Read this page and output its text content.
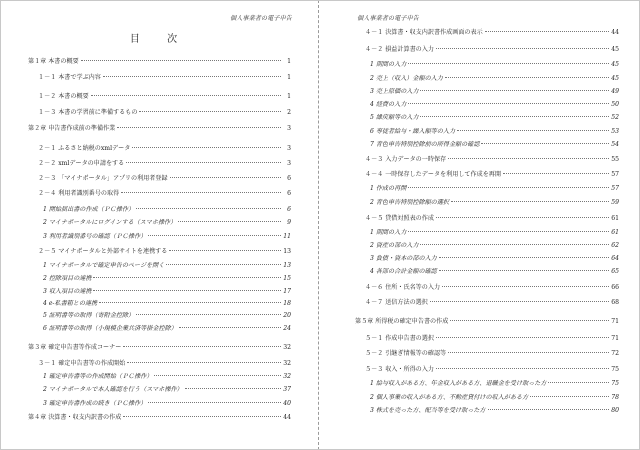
個人事業者の電子申告
目 次
第１章 本書の概要	1
１－１ 本書で学ぶ内容	1
１－２ 本書の概要	1
１－３ 本書の学習前に準備するもの	2
第２章 申告書作成前の準備作業	3
２－１ ふるさと納税のxmlデータ	3
２－２ xmlデータの申請をする	3
２－３ 「マイナポータル」アプリの利用者登録	6
２－４ 利用者識別番号の取得	6
1 開始届出書の作成（ＰＣ操作）	6
2 マイナポータルにログインする（スマホ操作）	9
3 利用者識別番号の確認（ＰＣ操作）	11
２－５ マイナポータルと外部サイトを連携する	13
1 マイナポータルで確定申告のページを開く	13
2 控除項目の連携	15
3 収入項目の連携	17
4 e-私書箱との連携	18
5 証明書等の取得（寄附金控除）	20
6 証明書等の取得（小規模企業共済等掛金控除）	24
第３章 確定申告書等作成コーナー	32
３－１ 確定申告書等の作成開始	32
1 確定申告書等の作成開始（ＰＣ操作）	32
2 マイナポータルで本人確認を行う（スマホ操作）	37
3 確定申告書作成の続き（ＰＣ操作）	40
第４章 決算書・収支内訳書の作成	44
個人事業者の電子申告
４－１ 決算書・収支内訳書作成画面の表示	44
４－２ 損益計算書の入力	45
1 期間の入力	45
2 売上（収入）金額の入力	45
3 売上原価の入力	49
4 経費の入力	50
5 繰戻額等の入力	52
6 専従者給与・繰入額等の入力	53
7 青色申告特別控除前の所得金額の確認	54
４－３ 入力データの一時保存	55
４－４ 一時保存したデータを利用して作成を再開	57
1 作成の再開	57
2 青色申告特別控除額の選択	59
４－５ 貸借対照表の作成	61
1 期間の入力	61
2 資産の部の入力	62
3 負債・資本の部の入力	64
4 各部の合計金額の確認	65
４－６ 住所・氏名等の入力	66
４－７ 送信方法の選択	68
第５章 所得税の確定申告書の作成	71
５－１ 作成申告書の選択	71
５－２ 引継ぎ情報等の確認等	72
５－３ 収入・所得の入力	75
1 給与収入がある方、年金収入がある方、退職金を受け取った方	75
2 個人事業の収入がある方、不動産貸付けの収入がある方	78
3 株式を売った方、配当等を受け取った方	80
